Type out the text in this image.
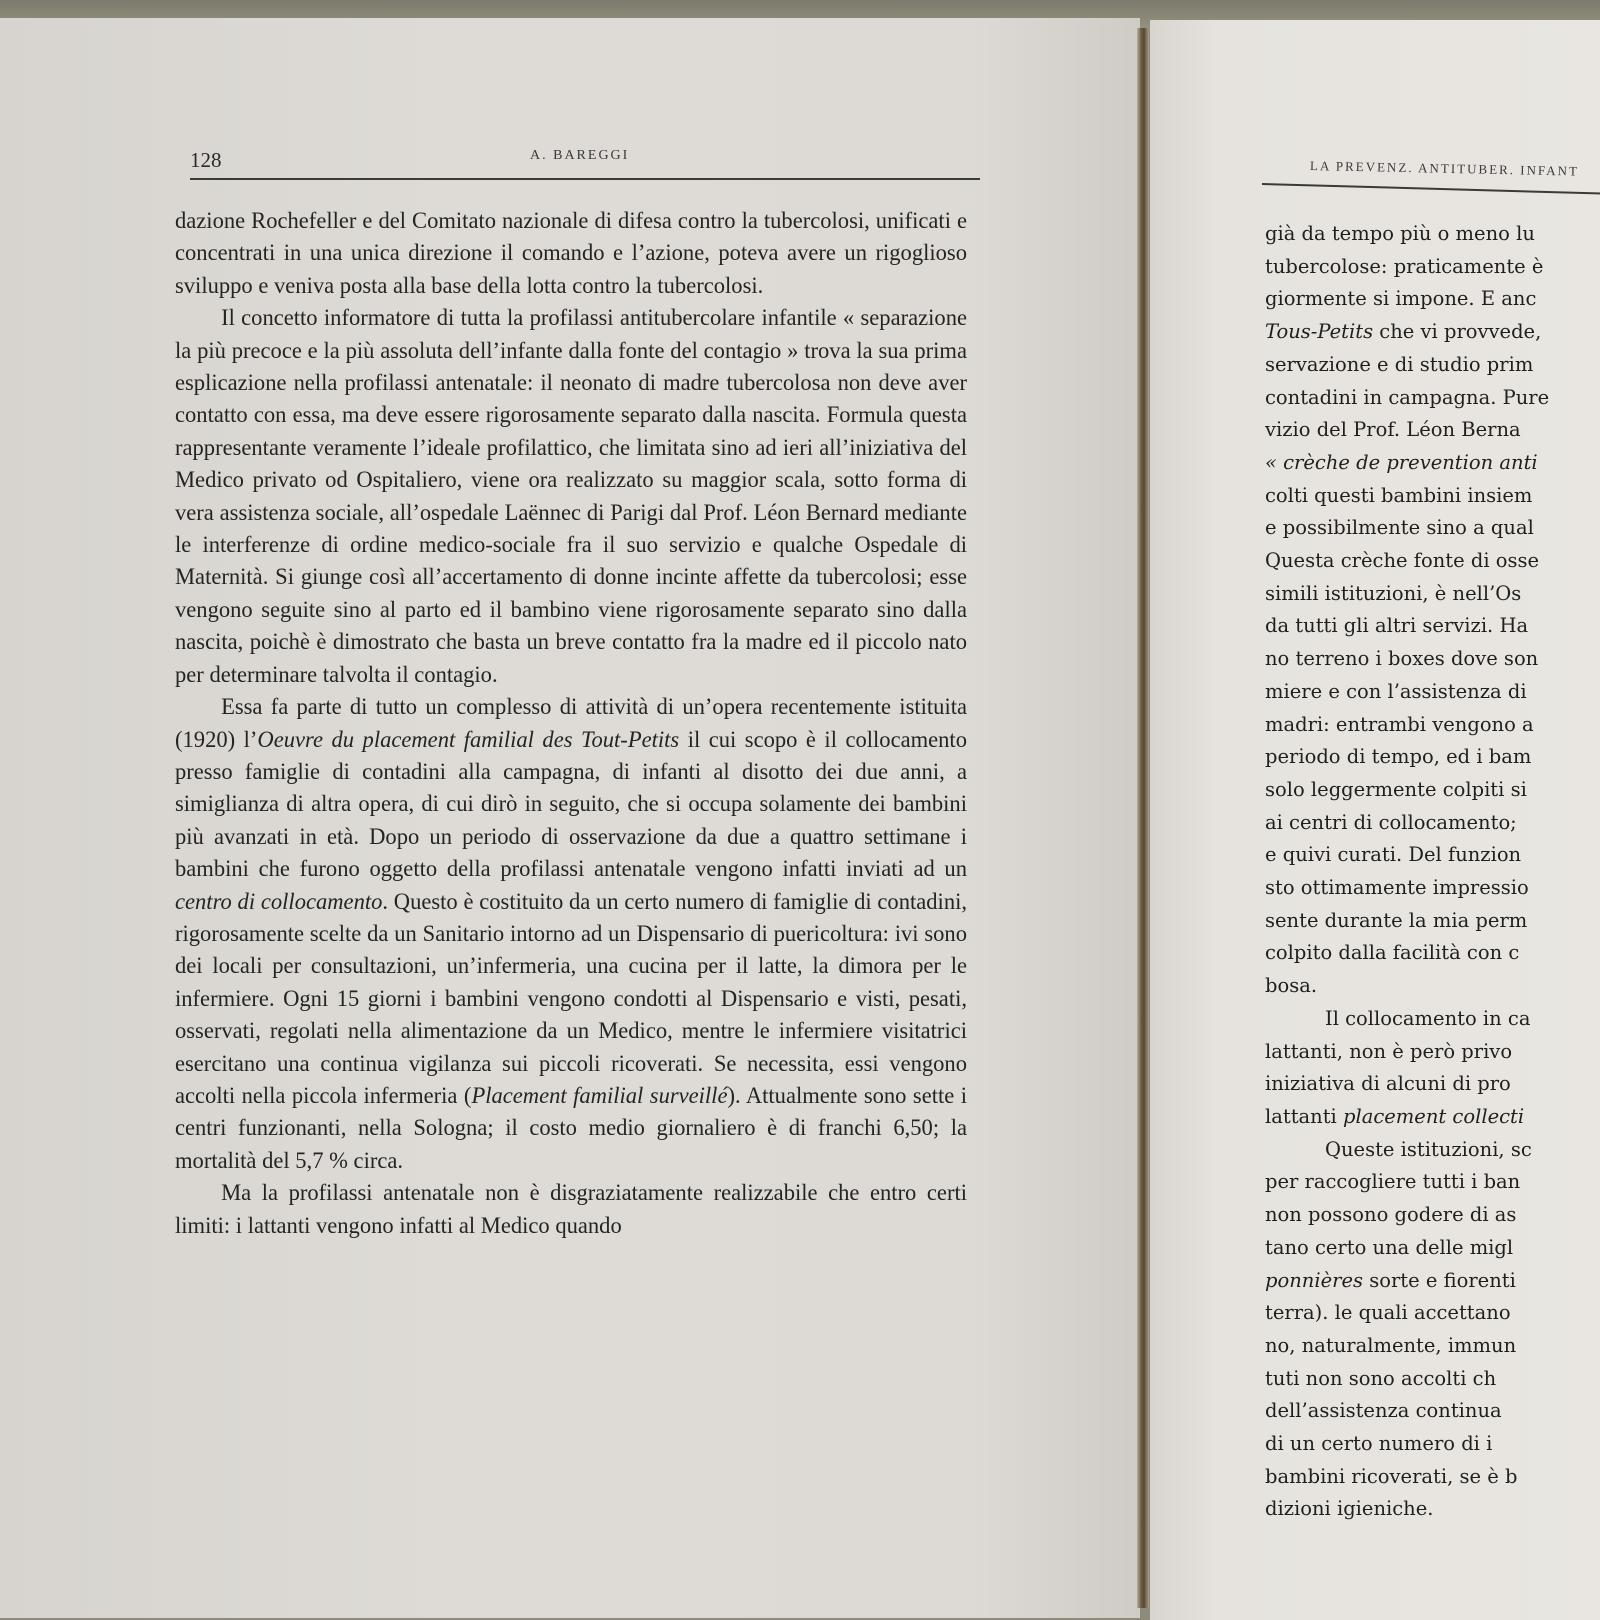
128	A. BAREGGI

dazione Rochefeller e del Comitato nazionale di difesa contro la tubercolosi, unificati e concentrati in una unica direzione il comando e l’azione, poteva avere un rigoglioso sviluppo e veniva posta alla base della lotta contro la tubercolosi.

Il concetto informatore di tutta la profilassi antitubercolare infantile « separazione la più precoce e la più assoluta dell’infante dalla fonte del contagio » trova la sua prima esplicazione nella profilassi antenatale: il neonato di madre tubercolosa non deve aver contatto con essa, ma deve essere rigorosamente separato dalla nascita. Formula questa rappresentante veramente l’ideale profilattico, che limitata sino ad ieri all’iniziativa del Medico privato od Ospitaliero, viene ora realizzato su maggior scala, sotto forma di vera assistenza sociale, all’ospedale Laënnec di Parigi dal Prof. Léon Bernard mediante le interferenze di ordine medico-sociale fra il suo servizio e qualche Ospedale di Maternità. Si giunge così all’accertamento di donne incinte affette da tubercolosi; esse vengono seguite sino al parto ed il bambino viene rigorosamente separato sino dalla nascita, poichè è dimostrato che basta un breve contatto fra la madre ed il piccolo nato per determinare talvolta il contagio.

Essa fa parte di tutto un complesso di attività di un’opera recentemente istituita (1920) l’Oeuvre du placement familial des Tout-Petits il cui scopo è il collocamento presso famiglie di contadini alla campagna, di infanti al disotto dei due anni, a simiglianza di altra opera, di cui dirò in seguito, che si occupa solamente dei bambini più avanzati in età. Dopo un periodo di osservazione da due a quattro settimane i bambini che furono oggetto della profilassi antenatale vengono infatti inviati ad un centro di collocamento. Questo è costituito da un certo numero di famiglie di contadini, rigorosamente scelte da un Sanitario intorno ad un Dispensario di puericoltura: ivi sono dei locali per consultazioni, un’infermeria, una cucina per il latte, la dimora per le infermiere. Ogni 15 giorni i bambini vengono condotti al Dispensario e visti, pesati, osservati, regolati nella alimentazione da un Medico, mentre le infermiere visitatrici esercitano una continua vigilanza sui piccoli ricoverati. Se necessita, essi vengono accolti nella piccola infermeria (Placement familial surveillé). Attualmente sono sette i centri funzionanti, nella Sologna; il costo medio giornaliero è di franchi 6,50; la mortalità del 5,7 % circa.

Ma la profilassi antenatale non è disgraziatamente realizzabile che entro certi limiti: i lattanti vengono infatti al Medico quando

LA PREVENZ. ANTITUBER. INFANT
già da tempo più o meno lu
tubercolose: praticamente è
giormente si impone. E anc
Tous-Petits che vi provvede,
servazione e di studio prim
contadini in campagna. Pure
vizio del Prof. Léon Berna
« crèche de prevention anti
colti questi bambini insiem
e possibilmente sino a qual
Questa crèche fonte di osse
simili istituzioni, è nell’Os
da tutti gli altri servizi. Ha
no terreno i boxes dove son
miere e con l’assistenza di
madri: entrambi vengono a
periodo di tempo, ed i bam
solo leggermente colpiti si
ai centri di collocamento;
e quivi curati. Del funzion
sto ottimamente impressio
sente durante la mia perm
colpito dalla facilità con c
bosa.
Il collocamento in ca
lattanti, non è però privo
iniziativa di alcuni di pro
lattanti placement collecti
Queste istituzioni, sc
per raccogliere tutti i ban
non possono godere di as
tano certo una delle migl
ponnières sorte e fiorenti
terra). le quali accettano
no, naturalmente, immun
tuti non sono accolti ch
dell’assistenza continua
di un certo numero di i
bambini ricoverati, se è b
dizioni igieniche.
